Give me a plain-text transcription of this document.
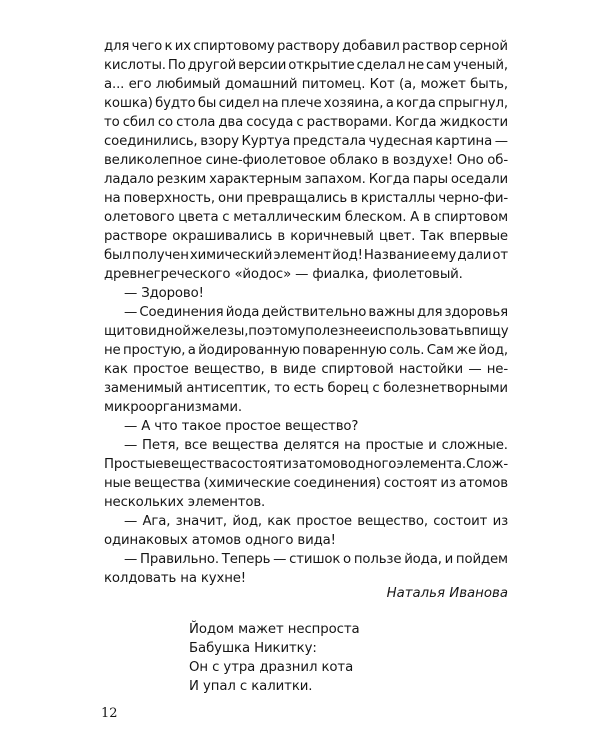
для чего к их спиртовому раствору добавил раствор серной
кислоты. По другой версии открытие сделал не сам ученый,
а... его любимый домашний питомец. Кот (а, может быть,
кошка) будто бы сидел на плече хозяина, а когда спрыгнул,
то сбил со стола два сосуда с растворами. Когда жидкости
соединились, взору Куртуа предстала чудесная картина —
великолепное сине-фиолетовое облако в воздухе! Оно об-
ладало резким характерным запахом. Когда пары оседали
на поверхность, они превращались в кристаллы черно-фи-
олетового цвета с металлическим блеском. А в спиртовом
растворе окрашивались в коричневый цвет. Так впервые
был получен химический элемент йод! Название ему дали от
древнегреческого «йодос» — фиалка, фиолетовый.
— Здорово!
— Соединения йода действительно важны для здоровья
щитовидной железы, поэтому полезнее использовать в пищу
не простую, а йодированную поваренную соль. Сам же йод,
как простое вещество, в виде спиртовой настойки — не-
заменимый антисептик, то есть борец с болезнетворными
микроорганизмами.
— А что такое простое вещество?
— Петя, все вещества делятся на простые и сложные.
Простые вещества состоят из атомов одного элемента. Слож-
ные вещества (химические соединения) состоят из атомов
нескольких элементов.
— Ага, значит, йод, как простое вещество, состоит из
одинаковых атомов одного вида!
— Правильно. Теперь — стишок о пользе йода, и пойдем
колдовать на кухне!
Наталья Иванова
Йодом мажет неспроста
Бабушка Никитку:
Он с утра дразнил кота
И упал с калитки.
12
